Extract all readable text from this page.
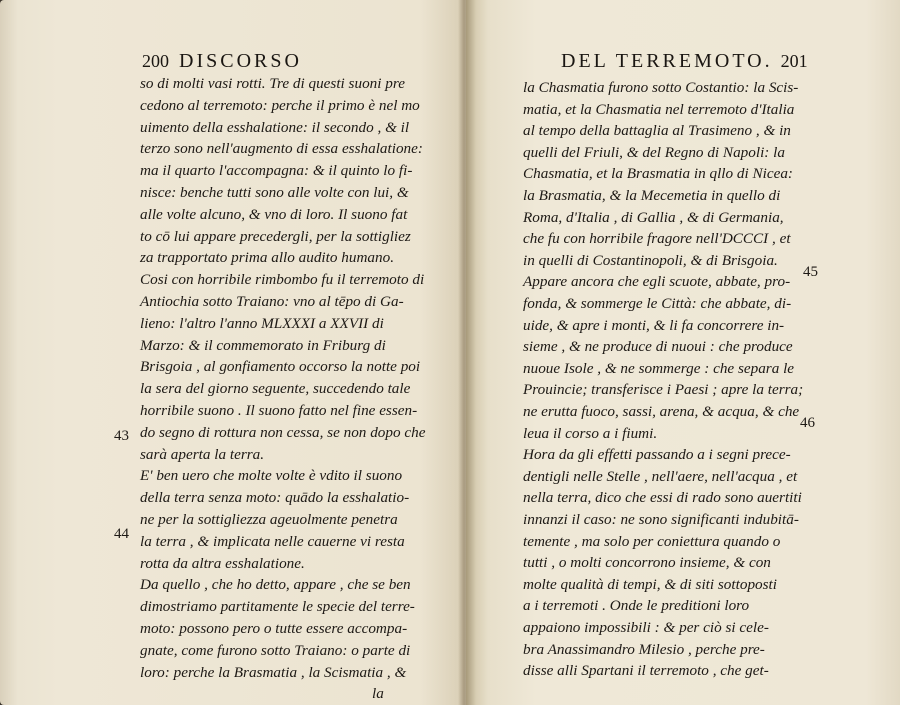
200 DISCORSO
so di molti vasi rotti. Tre di questi suoni pre
cedono al terremoto: perche il primo è nel mo
uimento della esshalatione: il secondo , & il
terzo sono nell'augmento di essa esshalatione:
ma il quarto l'accompagna: & il quinto lo fi-
nisce: benche tutti sono alle volte con lui, &
alle volte alcuno, & vno di loro. Il suono fat
to cō lui appare precedergli, per la sottigliez
za trapportato prima allo audito humano.
Cosi con horribile rimbombo fu il terremoto di
Antiochia sotto Traiano: vno al tēpo di Ga-
lieno: l'altro l'anno MLXXXI a XXVII di
Marzo: & il commemorato in Friburg di
Brisgoia , al gonfiamento occorso la notte poi
la sera del giorno seguente, succedendo tale
horribile suono . Il suono fatto nel fine essen-
do segno di rottura non cessa, se non dopo che
sarà aperta la terra.
E' ben uero che molte volte è vdito il suono
della terra senza moto: quādo la esshalatio-
ne per la sottigliezza ageuolmente penetra
la terra , & implicata nelle cauerne vi resta
rotta da altra esshalatione.
Da quello , che ho detto, appare , che se ben
dimostriamo partitamente le specie del terre-
moto: possono pero o tutte essere accompa-
gnate, come furono sotto Traiano: o parte di
loro: perche la Brasmatia , la Scismatia , &
la
43
44
DEL TERREMOTO. 201
la Chasmatia furono sotto Costantio: la Scis-
matia, et la Chasmatia nel terremoto d'Italia
al tempo della battaglia al Trasimeno , & in
quelli del Friuli, & del Regno di Napoli: la
Chasmatia, et la Brasmatia in qllo di Nicea:
la Brasmatia, & la Mecemetia in quello di
Roma, d'Italia , di Gallia , & di Germania,
che fu con horribile fragore nell'DCCCI , et
in quelli di Costantinopoli, & di Brisgoia.
Appare ancora che egli scuote, abbate, pro-
fonda, & sommerge le Città: che abbate, di-
uide, & apre i monti, & li fa concorrere in-
sieme , & ne produce di nuoui : che produce
nuoue Isole , & ne sommerge : che separa le
Prouincie; transferisce i Paesi ; apre la terra;
ne erutta fuoco, sassi, arena, & acqua, & che
leua il corso a i fiumi.
Hora da gli effetti passando a i segni prece-
dentigli nelle Stelle , nell'aere, nell'acqua , et
nella terra, dico che essi di rado sono auertiti
innanzi il caso: ne sono significanti indubitā-
temente , ma solo per coniettura quando o
tutti , o molti concorrono insieme, & con
molte qualità di tempi, & di siti sottoposti
a i terremoti . Onde le preditioni loro
appaiono impossibili : & per ciò si cele-
bra Anassimandro Milesio , perche pre-
disse alli Spartani il terremoto , che get-
45
46
